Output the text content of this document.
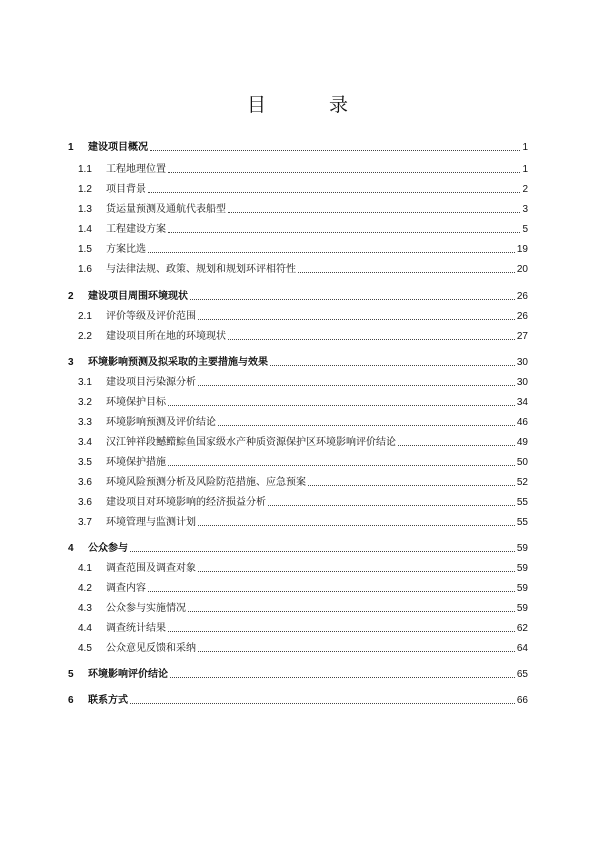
目　录
1	建设项目概况	1
1.1	工程地理位置	1
1.2	项目背景	2
1.3	货运量预测及通航代表船型	3
1.4	工程建设方案	5
1.5	方案比选	19
1.6	与法律法规、政策、规划和规划环评相符性	20
2	建设项目周围环境现状	26
2.1	评价等级及评价范围	26
2.2	建设项目所在地的环境现状	27
3	环境影响预测及拟采取的主要措施与效果	30
3.1	建设项目污染源分析	30
3.2	环境保护目标	34
3.3	环境影响预测及评价结论	46
3.4	汉江钟祥段鳡鳤鯮鱼国家级水产种质资源保护区环境影响评价结论	49
3.5	环境保护措施	50
3.6	环境风险预测分析及风险防范措施、应急预案	52
3.6	建设项目对环境影响的经济损益分析	55
3.7	环境管理与监测计划	55
4	公众参与	59
4.1	调查范围及调查对象	59
4.2	调查内容	59
4.3	公众参与实施情况	59
4.4	调查统计结果	62
4.5	公众意见反馈和采纳	64
5	环境影响评价结论	65
6	联系方式	66
